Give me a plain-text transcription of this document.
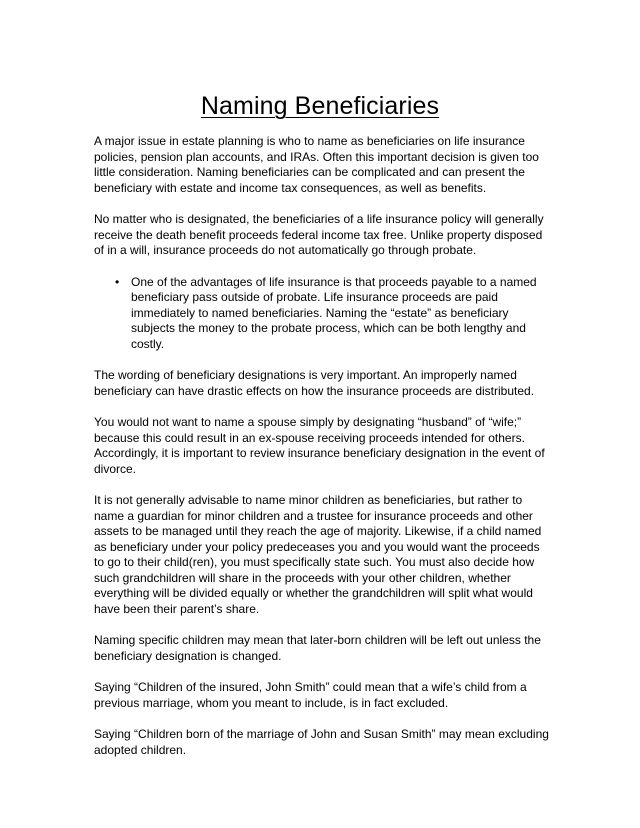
Naming Beneficiaries

A major issue in estate planning is who to name as beneficiaries on life insurance policies, pension plan accounts, and IRAs. Often this important decision is given too little consideration. Naming beneficiaries can be complicated and can present the beneficiary with estate and income tax consequences, as well as benefits.

No matter who is designated, the beneficiaries of a life insurance policy will generally receive the death benefit proceeds federal income tax free. Unlike property disposed of in a will, insurance proceeds do not automatically go through probate.

• One of the advantages of life insurance is that proceeds payable to a named beneficiary pass outside of probate. Life insurance proceeds are paid immediately to named beneficiaries. Naming the “estate” as beneficiary subjects the money to the probate process, which can be both lengthy and costly.

The wording of beneficiary designations is very important. An improperly named beneficiary can have drastic effects on how the insurance proceeds are distributed.

You would not want to name a spouse simply by designating “husband” of “wife;” because this could result in an ex-spouse receiving proceeds intended for others. Accordingly, it is important to review insurance beneficiary designation in the event of divorce.

It is not generally advisable to name minor children as beneficiaries, but rather to name a guardian for minor children and a trustee for insurance proceeds and other assets to be managed until they reach the age of majority. Likewise, if a child named as beneficiary under your policy predeceases you and you would want the proceeds to go to their child(ren), you must specifically state such. You must also decide how such grandchildren will share in the proceeds with your other children, whether everything will be divided equally or whether the grandchildren will split what would have been their parent’s share.

Naming specific children may mean that later-born children will be left out unless the beneficiary designation is changed.

Saying “Children of the insured, John Smith” could mean that a wife’s child from a previous marriage, whom you meant to include, is in fact excluded.

Saying “Children born of the marriage of John and Susan Smith” may mean excluding adopted children.
